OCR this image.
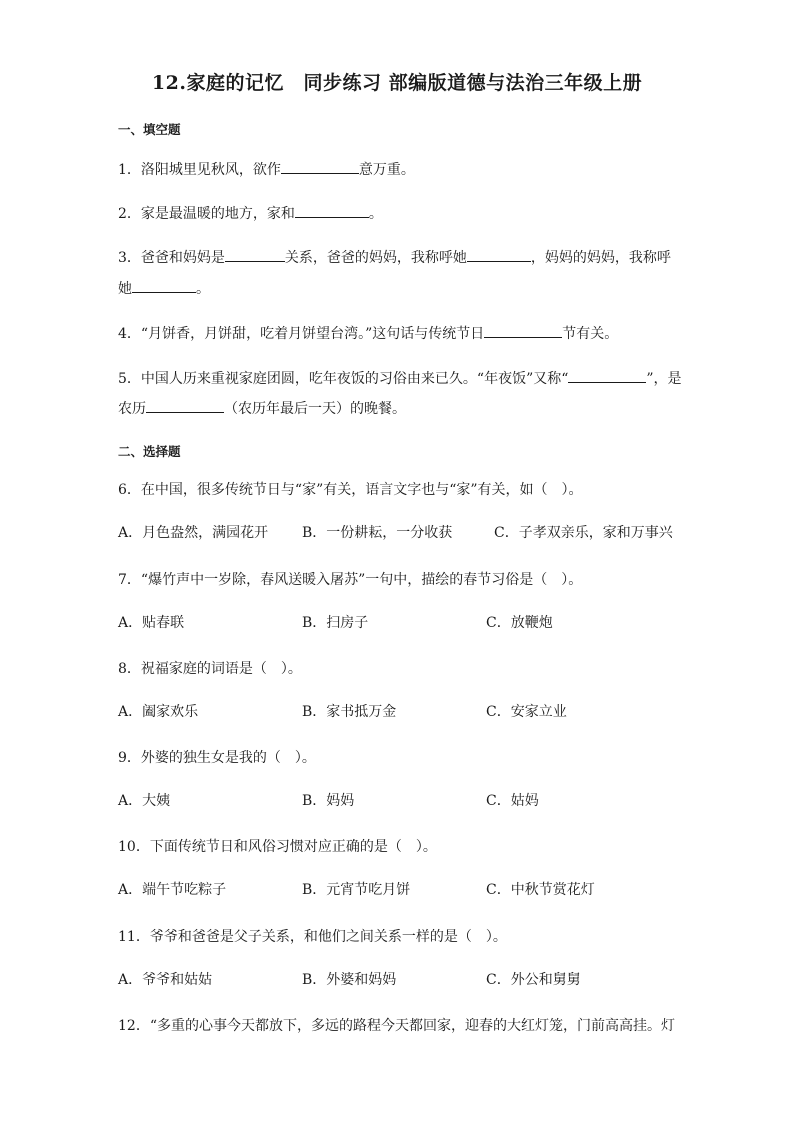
12.家庭的记忆　同步练习 部编版道德与法治三年级上册
一、填空题
1．洛阳城里见秋风，欲作	意万重。
2．家是最温暖的地方，家和	。
3．爸爸和妈妈是	关系，爸爸的妈妈，我称呼她	，妈妈的妈妈，我称呼
她	。
4．“月饼香，月饼甜，吃着月饼望台湾。”这句话与传统节日	节有关。
5．中国人历来重视家庭团圆，吃年夜饭的习俗由来已久。“年夜饭”又称“	”，是
农历	（农历年最后一天）的晚餐。
二、选择题
6．在中国，很多传统节日与“家”有关，语言文字也与“家”有关，如（　）。
A．月色盎然，满园花开 B．一份耕耘，一分收获	C．子孝双亲乐，家和万事兴
7．“爆竹声中一岁除，春风送暖入屠苏”一句中，描绘的春节习俗是（　）。
A．贴春联	B．扫房子	C．放鞭炮
8．祝福家庭的词语是（　）。
A．阖家欢乐	B．家书抵万金	C．安家立业
9．外婆的独生女是我的（　）。
A．大姨	B．妈妈	C．姑妈
10．下面传统节日和风俗习惯对应正确的是（　）。
A．端午节吃粽子	B．元宵节吃月饼	C．中秋节赏花灯
11．爷爷和爸爸是父子关系，和他们之间关系一样的是（　）。
A．爷爷和姑姑	B．外婆和妈妈	C．外公和舅舅
12．“多重的心事今天都放下，多远的路程今天都回家，迎春的大红灯笼，门前高高挂。灯
